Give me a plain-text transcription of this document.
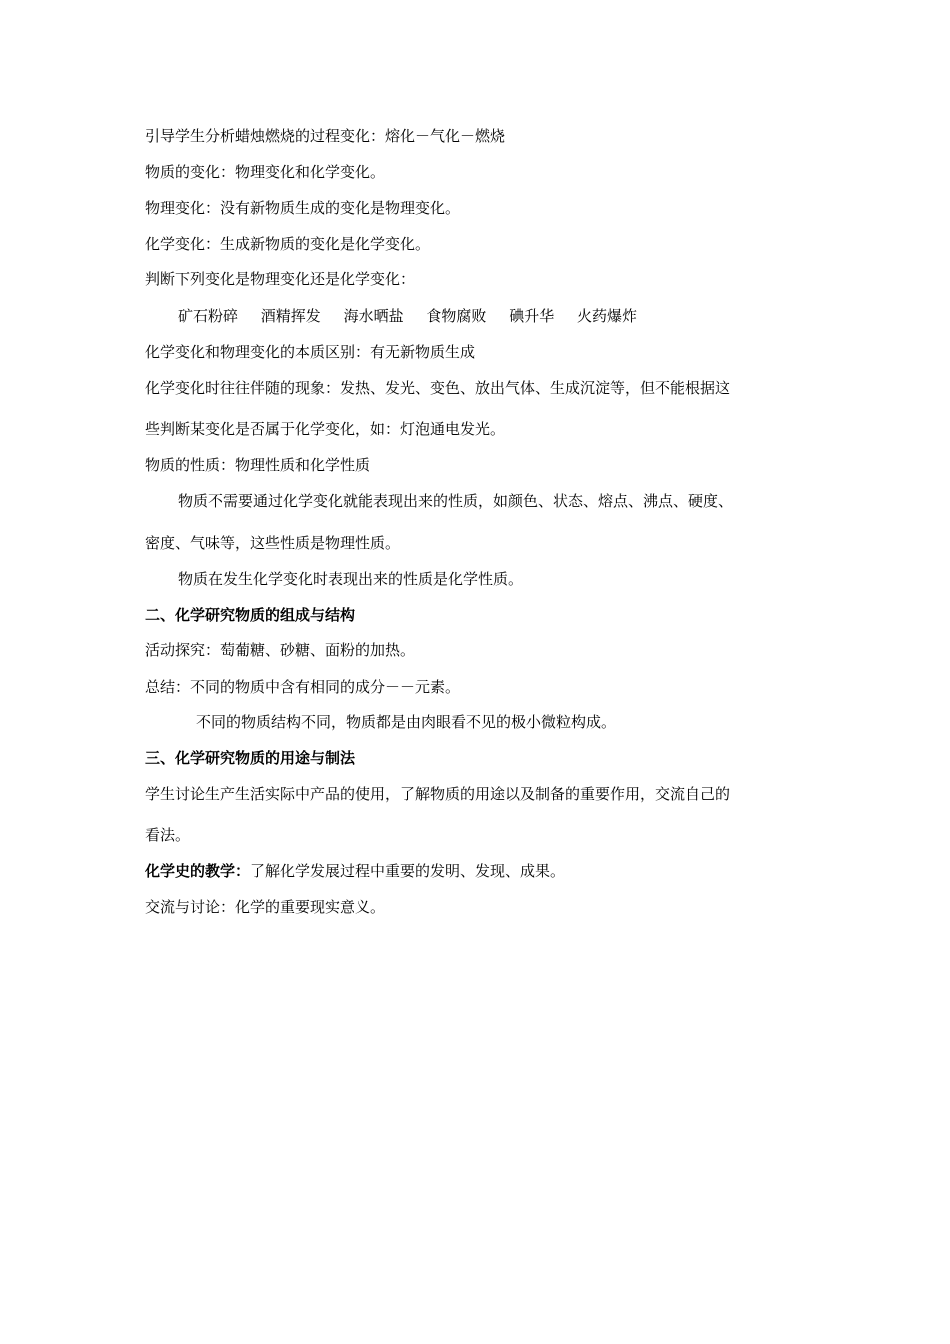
引导学生分析蜡烛燃烧的过程变化：熔化－气化－燃烧
物质的变化：物理变化和化学变化。
物理变化：没有新物质生成的变化是物理变化。
化学变化：生成新物质的变化是化学变化。
判断下列变化是物理变化还是化学变化：
矿石粉碎 酒精挥发 海水晒盐 食物腐败 碘升华 火药爆炸
化学变化和物理变化的本质区别：有无新物质生成
化学变化时往往伴随的现象：发热、发光、变色、放出气体、生成沉淀等，但不能根据这
些判断某变化是否属于化学变化，如：灯泡通电发光。
物质的性质：物理性质和化学性质
物质不需要通过化学变化就能表现出来的性质，如颜色、状态、熔点、沸点、硬度、
密度、气味等，这些性质是物理性质。
物质在发生化学变化时表现出来的性质是化学性质。
二、化学研究物质的组成与结构
活动探究：萄葡糖、砂糖、面粉的加热。
总结：不同的物质中含有相同的成分－－元素。
不同的物质结构不同，物质都是由肉眼看不见的极小微粒构成。
三、化学研究物质的用途与制法
学生讨论生产生活实际中产品的使用，了解物质的用途以及制备的重要作用，交流自己的
看法。
化学史的教学：了解化学发展过程中重要的发明、发现、成果。
交流与讨论：化学的重要现实意义。
